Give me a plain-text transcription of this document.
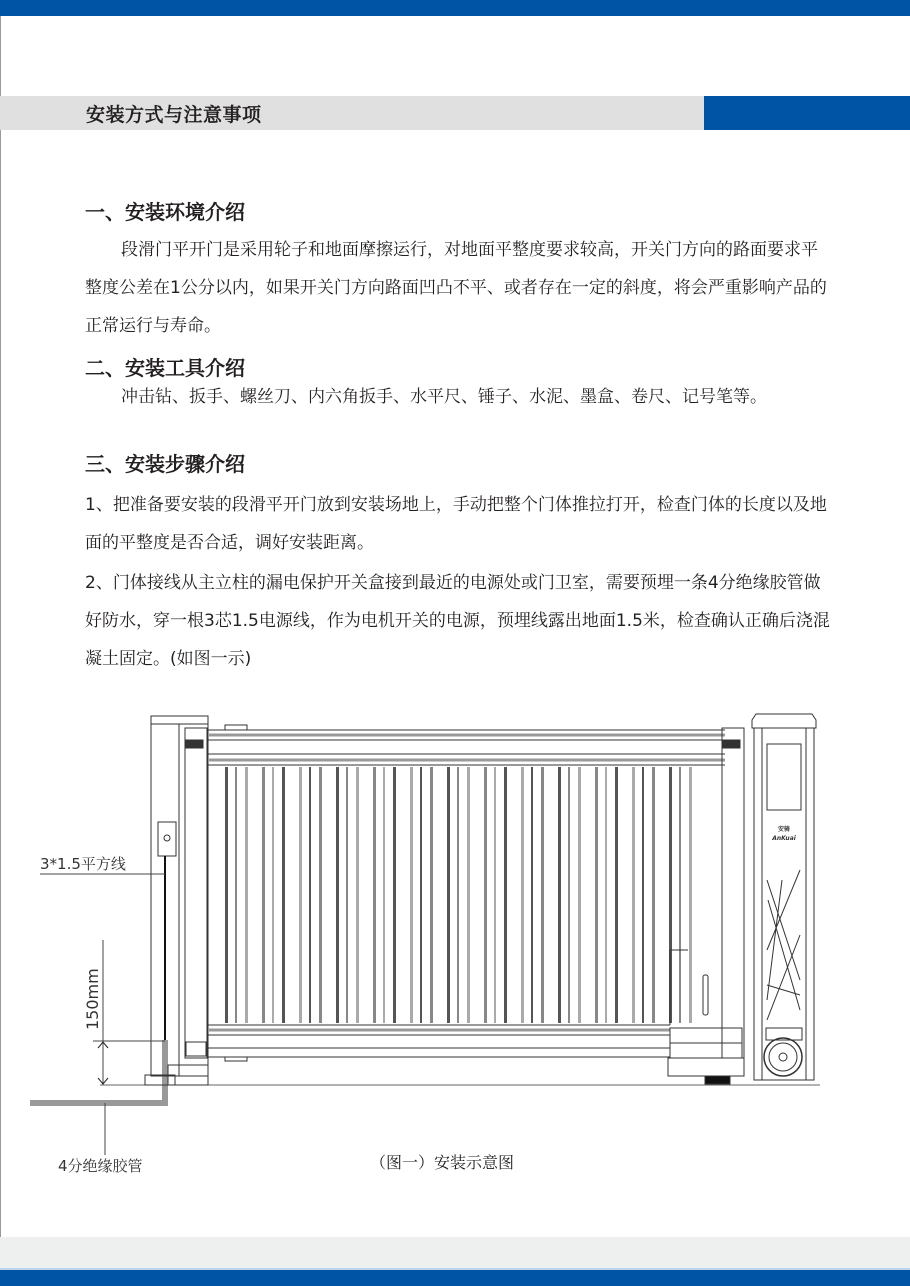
安装方式与注意事项
一、安装环境介绍

段滑门平开门是采用轮子和地面摩擦运行，对地面平整度要求较高，开关门方向的路面要求平整度公差在1公分以内，如果开关门方向路面凹凸不平、或者存在一定的斜度，将会严重影响产品的正常运行与寿命。

二、安装工具介绍

冲击钻、扳手、螺丝刀、内六角扳手、水平尺、锤子、水泥、墨盒、卷尺、记号笔等。

三、安装步骤介绍

1、把准备要安装的段滑平开门放到安装场地上，手动把整个门体推拉打开，检查门体的长度以及地面的平整度是否合适，调好安装距离。

2、门体接线从主立柱的漏电保护开关盒接到最近的电源处或门卫室，需要预埋一条4分绝缘胶管做好防水，穿一根3芯1.5电源线，作为电机开关的电源，预埋线露出地面1.5米，检查确认正确后浇混凝土固定。(如图一示)

3*1.5平方线
150mm
4分绝缘胶管
安骑
AnKuai
（图一）安装示意图
